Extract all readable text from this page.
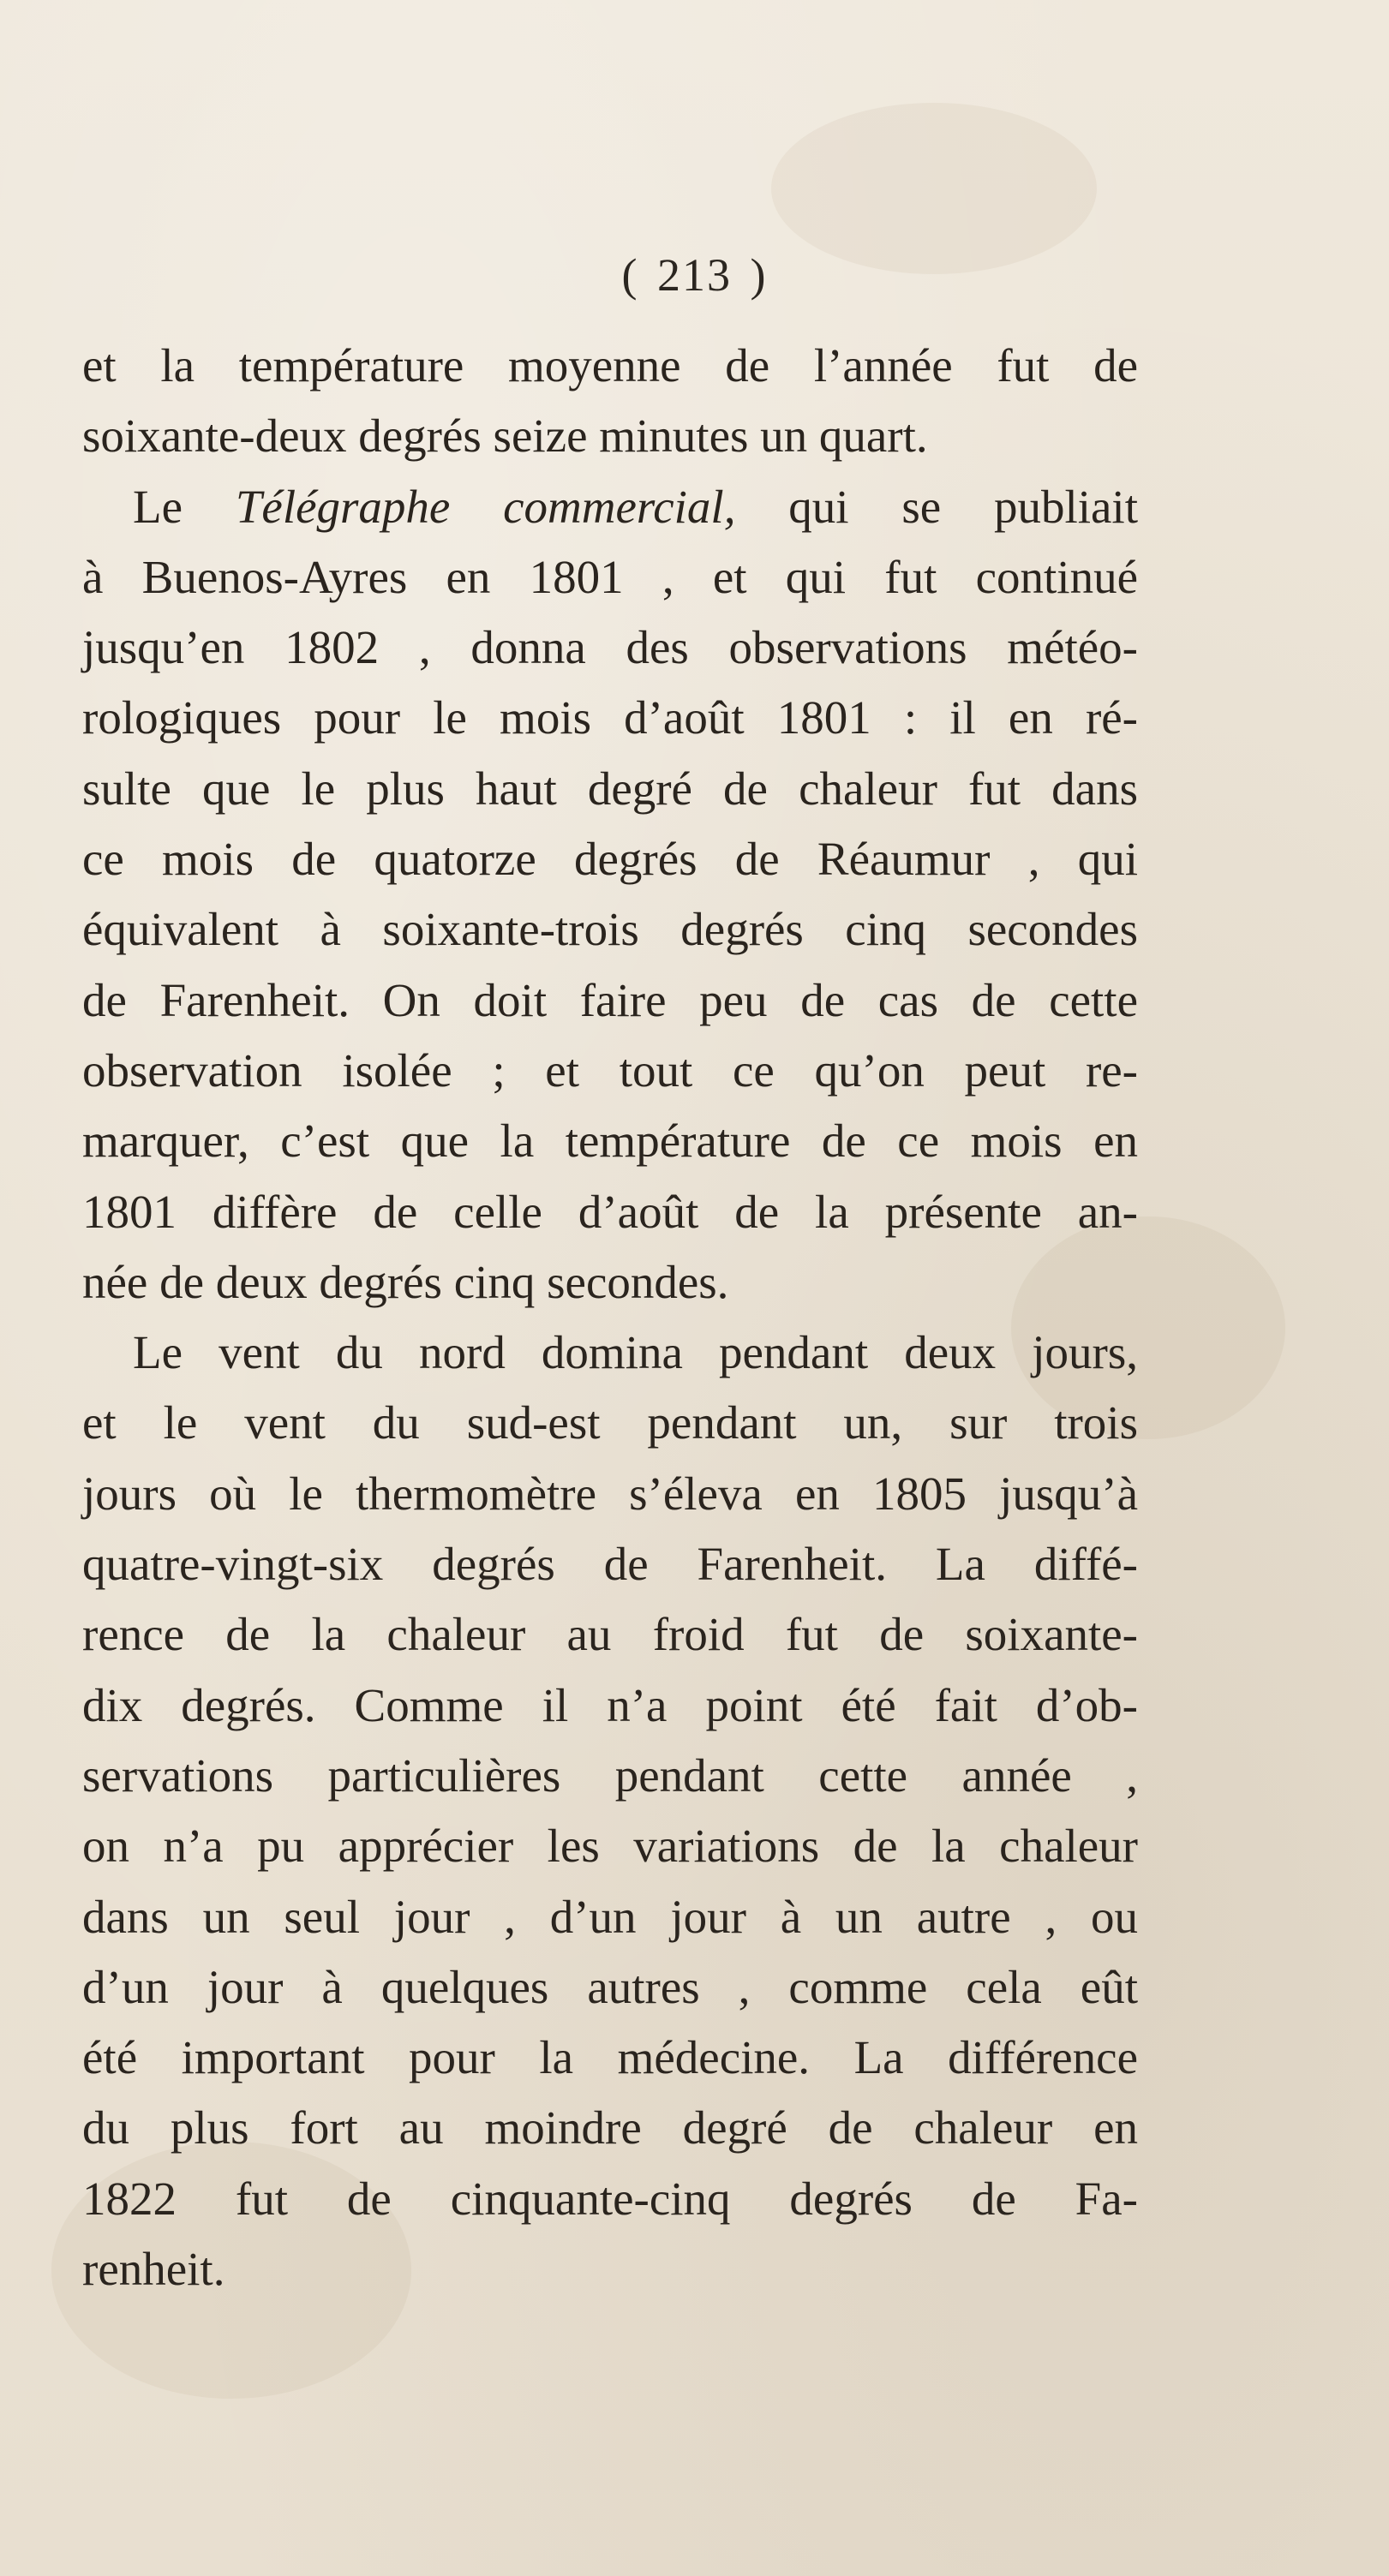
( 213 )
et la température moyenne de l’année fut de
soixante-deux degrés seize minutes un quart.
Le Télégraphe commercial, qui se publiait
à Buenos-Ayres en 1801 , et qui fut continué
jusqu’en 1802 , donna des observations météo-
rologiques pour le mois d’août 1801 : il en ré-
sulte que le plus haut degré de chaleur fut dans
ce mois de quatorze degrés de Réaumur , qui
équivalent à soixante-trois degrés cinq secondes
de Farenheit. On doit faire peu de cas de cette
observation isolée ; et tout ce qu’on peut re-
marquer, c’est que la température de ce mois en
1801 diffère de celle d’août de la présente an-
née de deux degrés cinq secondes.
Le vent du nord domina pendant deux jours,
et le vent du sud-est pendant un, sur trois
jours où le thermomètre s’éleva en 1805 jusqu’à
quatre-vingt-six degrés de Farenheit. La diffé-
rence de la chaleur au froid fut de soixante-
dix degrés. Comme il n’a point été fait d’ob-
servations particulières pendant cette année ,
on n’a pu apprécier les variations de la chaleur
dans un seul jour , d’un jour à un autre , ou
d’un jour à quelques autres , comme cela eût
été important pour la médecine. La différence
du plus fort au moindre degré de chaleur en
1822 fut de cinquante-cinq degrés de Fa-
renheit.
